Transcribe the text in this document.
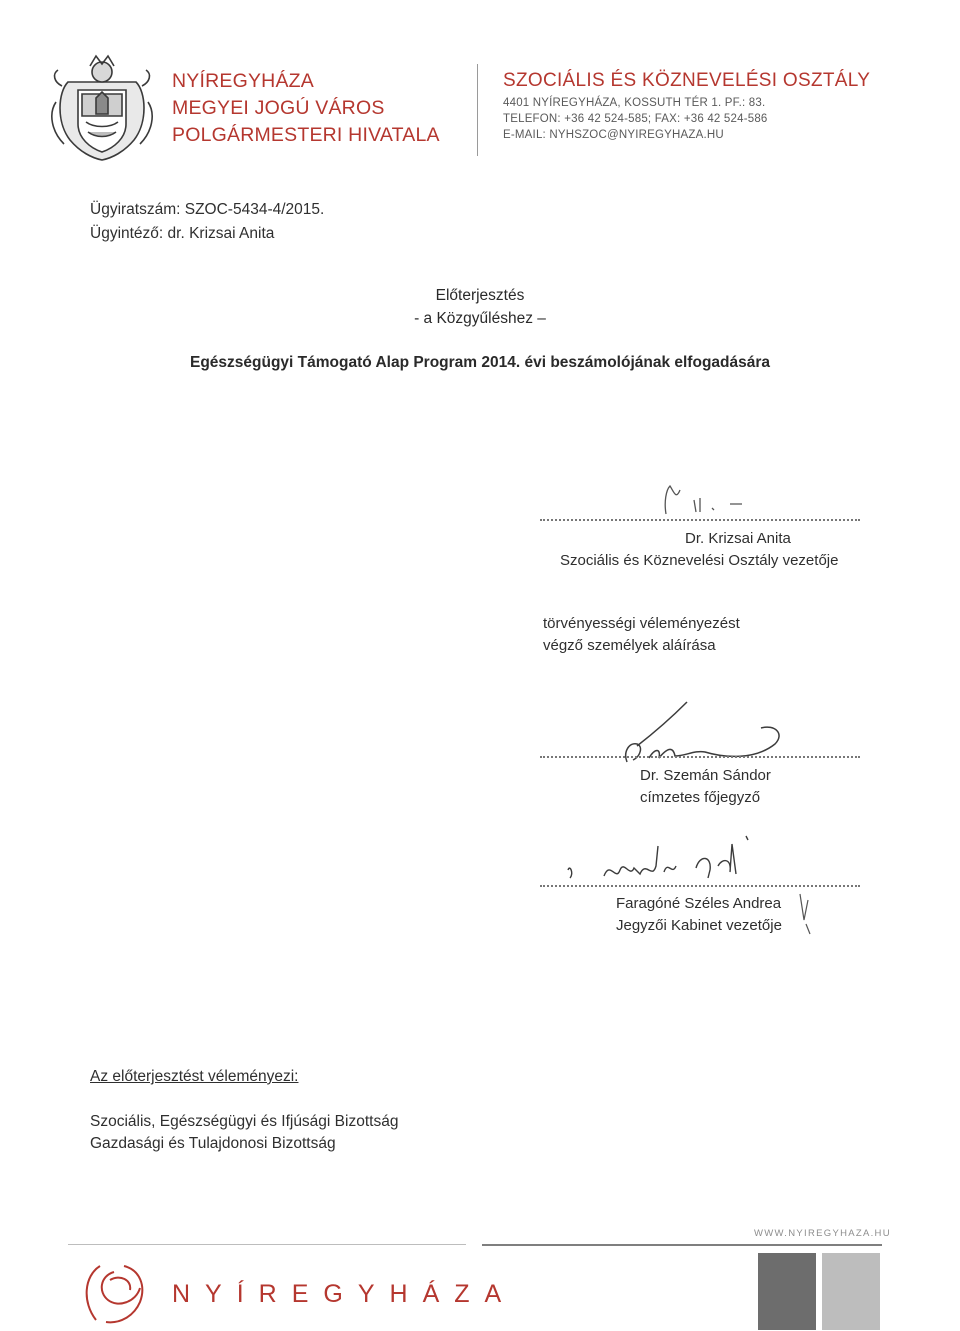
NYÍREGYHÁZA
MEGYEI JOGÚ VÁROS
POLGÁRMESTERI HIVATALA
SZOCIÁLIS ÉS KÖZNEVELÉSI OSZTÁLY
4401 NYÍREGYHÁZA, KOSSUTH TÉR 1. PF.: 83.
TELEFON: +36 42 524-585; FAX: +36 42 524-586
E-MAIL: NYHSZOC@NYIREGYHAZA.HU
Ügyiratszám: SZOC-5434-4/2015.
Ügyintéző: dr. Krizsai Anita
Előterjesztés
- a Közgyűléshez –
Egészségügyi Támogató Alap Program 2014. évi beszámolójának elfogadására
Dr. Krizsai Anita
Szociális és Köznevelési Osztály vezetője
törvényességi véleményezést
végző személyek aláírása
Dr. Szemán Sándor
címzetes főjegyző
Faragóné Széles Andrea
Jegyzői Kabinet vezetője
Az előterjesztést véleményezi:
Szociális, Egészségügyi és Ifjúsági Bizottság
Gazdasági és Tulajdonosi Bizottság
WWW.NYIREGYHAZA.HU
NYÍREGYHÁZA
